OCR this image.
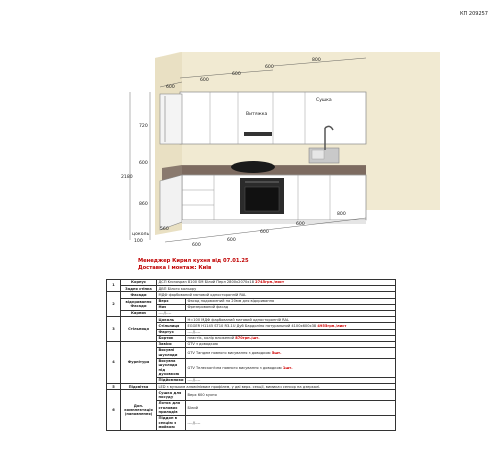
КП 209257
Витяжка
Сушка
600
600
600
600
800
720
600
860
2180
цоколь
100
560
600
600
600
600
800
Менеджер Кирил кухня від 07.01.25
Доставка і монтаж: Київ
1	Корпус	ДСП Kronospan 8100 SM Білий Перл 2800х2070х18 2745грн./лист	
	Задня стінка	ДВП Білого кольору	
2	Фасади	МДФ фарбований матовий односторонній RAL	
	відкривання
Фасади	Верх	Фасад подовжений на 20мм для відкривання
		Низ	Фрезерований фасад
	Карниз	----//----	
3	Стільниця	Цоколь	Н=100 МДФ фарбований матовий односторонній RAL
		Стільниця	EGGER H1145 ST10 R3-1U Дуб Бардоліно натуральний 4100х600х38 4955грн./лист
		Фартух	----//----
		Бортик	пластік, колір вложений 870грн./шт.
4	Фурнітура	Завіси	GTV з доводкою
		Висувні шухляди	GTV Тандем повного висування з доводкою 5шт.
		Висувна шухляда під духовкою	GTV Телескопічна повного висування з доводкою 1шт.
		Підйомники	----//----
5	Підсвітка	LED з вузьким алюмінієвим профілем, у дві верх. секції, вимикач сенсор на дзеркалі.	
6	Доп. комплектація (наповнення)	Сушка для посуду	Верх 600 кухня
		Лоток для столових приладів	Білий
		Піддон в секцію з мийкою	----//----
